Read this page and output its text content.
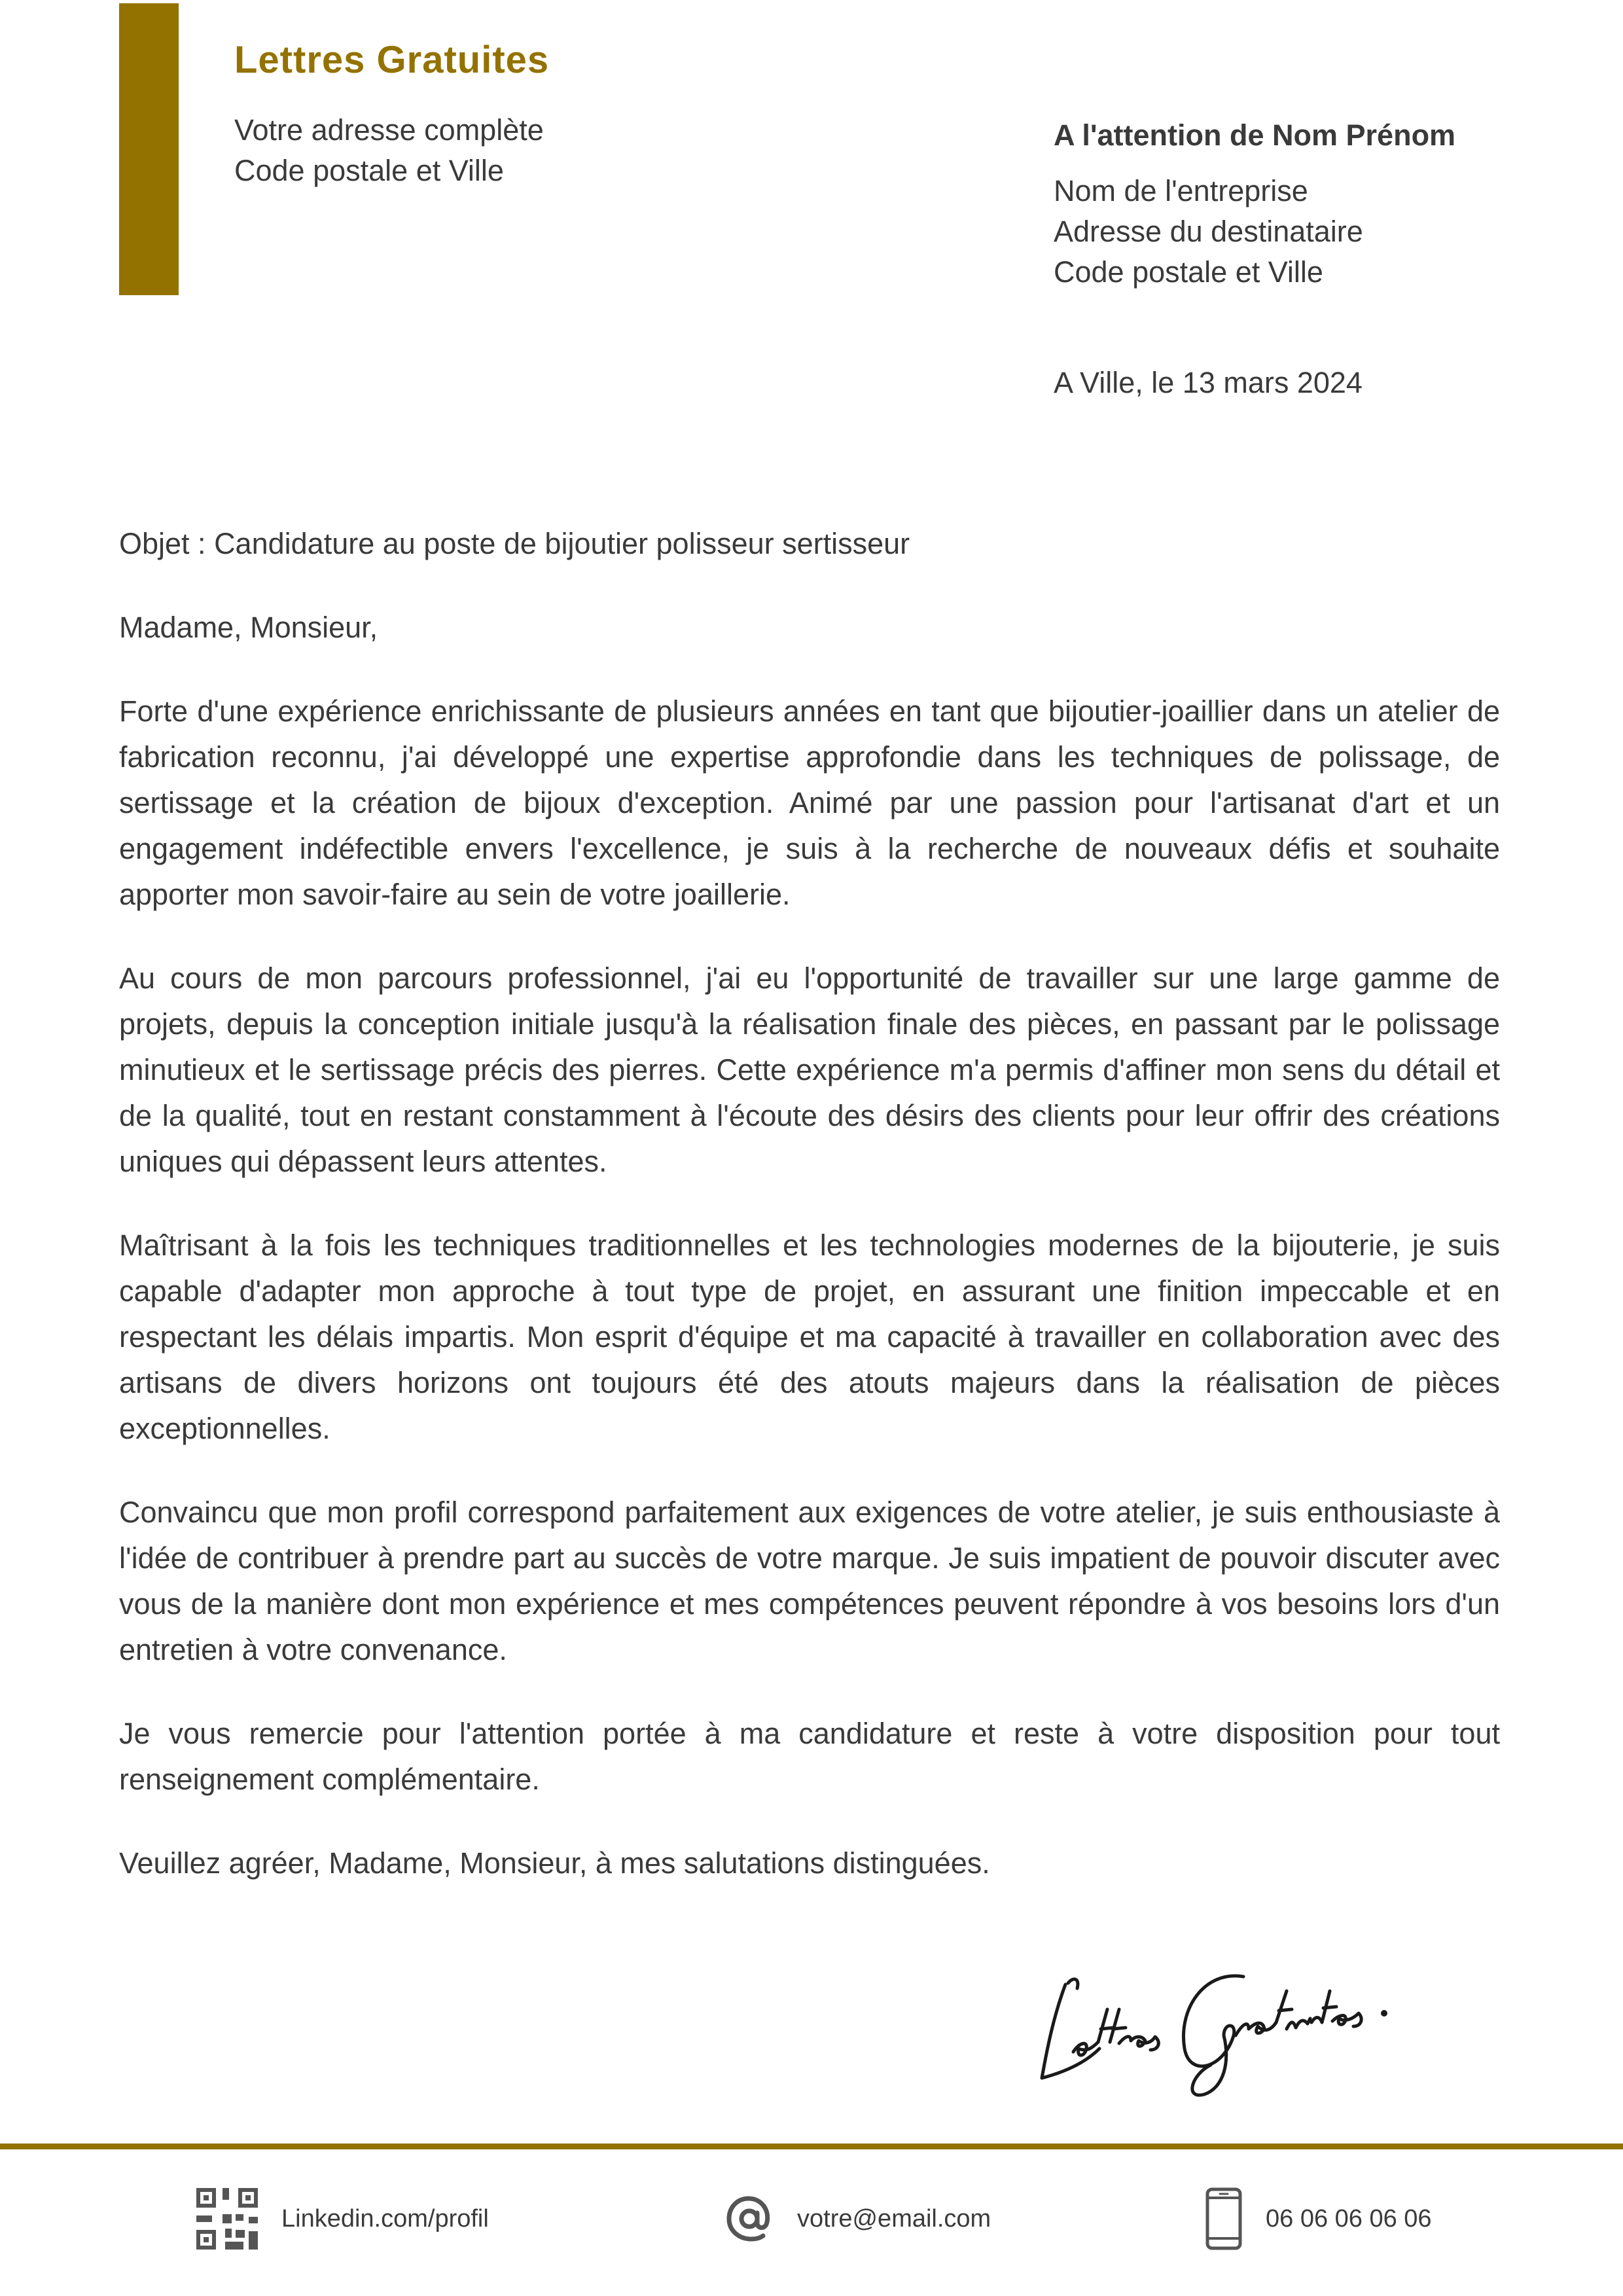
Lettres Gratuites
Votre adresse complète
Code postale et Ville
A l'attention de Nom Prénom
Nom de l'entreprise
Adresse du destinataire
Code postale et Ville
A Ville, le 13 mars 2024

Objet : Candidature au poste de bijoutier polisseur sertisseur

Madame, Monsieur,

Forte d'une expérience enrichissante de plusieurs années en tant que bijoutier-joaillier dans un atelier de fabrication reconnu, j'ai développé une expertise approfondie dans les techniques de polissage, de sertissage et la création de bijoux d'exception. Animé par une passion pour l'artisanat d'art et un engagement indéfectible envers l'excellence, je suis à la recherche de nouveaux défis et souhaite apporter mon savoir-faire au sein de votre joaillerie.

Au cours de mon parcours professionnel, j'ai eu l'opportunité de travailler sur une large gamme de projets, depuis la conception initiale jusqu'à la réalisation finale des pièces, en passant par le polissage minutieux et le sertissage précis des pierres. Cette expérience m'a permis d'affiner mon sens du détail et de la qualité, tout en restant constamment à l'écoute des désirs des clients pour leur offrir des créations uniques qui dépassent leurs attentes.

Maîtrisant à la fois les techniques traditionnelles et les technologies modernes de la bijouterie, je suis capable d'adapter mon approche à tout type de projet, en assurant une finition impeccable et en respectant les délais impartis. Mon esprit d'équipe et ma capacité à travailler en collaboration avec des artisans de divers horizons ont toujours été des atouts majeurs dans la réalisation de pièces exceptionnelles.

Convaincu que mon profil correspond parfaitement aux exigences de votre atelier, je suis enthousiaste à l'idée de contribuer à prendre part au succès de votre marque. Je suis impatient de pouvoir discuter avec vous de la manière dont mon expérience et mes compétences peuvent répondre à vos besoins lors d'un entretien à votre convenance.

Je vous remercie pour l'attention portée à ma candidature et reste à votre disposition pour tout renseignement complémentaire.

Veuillez agréer, Madame, Monsieur, à mes salutations distinguées.

Linkedin.com/profil	votre@email.com	06 06 06 06 06
